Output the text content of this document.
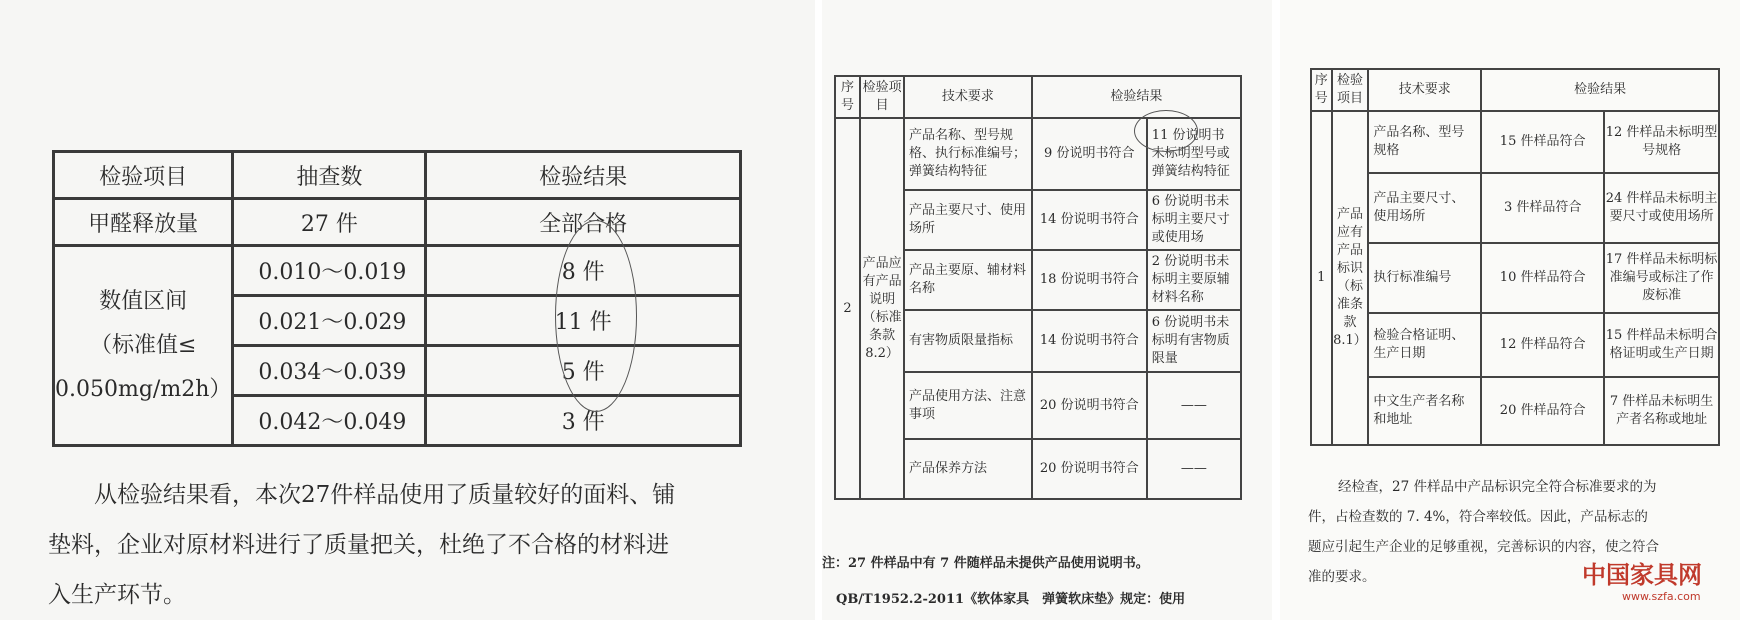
检验项目	抽查数	检验结果
甲醛释放量	27 件	全部合格

数值区间
（标准值≤
0.050mg/m2h）	0.010～0.019	8 件
	0.021～0.029	11 件
	0.034～0.039	5 件
	0.042～0.049	3 件
从检验结果看，本次27件样品使用了质量较好的面料、铺
垫料，企业对原材料进行了质量把关，杜绝了不合格的材料进
入生产环节。
序号	检验项目	技术要求	检验结果	
2	产品应有产品说明（标准条款 8.2）	产品名称、型号规格、执行标准编号；弹簧结构特征	9 份说明书符合	11 份说明书未标明型号或弹簧结构特征
		产品主要尺寸、使用场所	14 份说明书符合	6 份说明书未标明主要尺寸或使用场
		产品主要原、辅材料名称	18 份说明书符合	2 份说明书未标明主要原辅材料名称
		有害物质限量指标	14 份说明书符合	6 份说明书未标明有害物质限量
		产品使用方法、注意事项	20 份说明书符合	——
		产品保养方法	20 份说明书符合	——
注：27 件样品中有 7 件随样品未提供产品使用说明书。
QB/T1952.2-2011《软体家具　弹簧软床垫》规定：使用
序号	检验项目	技术要求	检验结果	
1	产品应有产品标识（标准条款 8.1）	产品名称、型号规格	15 件样品符合	12 件样品未标明型号规格
		产品主要尺寸、使用场所	3 件样品符合	24 件样品未标明主要尺寸或使用场所
		执行标准编号	10 件样品符合	17 件样品未标明标准编号或标注了作废标准
		检验合格证明、生产日期	12 件样品符合	15 件样品未标明合格证明或生产日期
		中文生产者名称和地址	20 件样品符合	7 件样品未标明生产者名称或地址
经检查，27 件样品中产品标识完全符合标准要求的为
件，占检查数的 7. 4%，符合率较低。因此，产品标志的
题应引起生产企业的足够重视，完善标识的内容，使之符合
准的要求。	中国家具网
www.szfa.com
